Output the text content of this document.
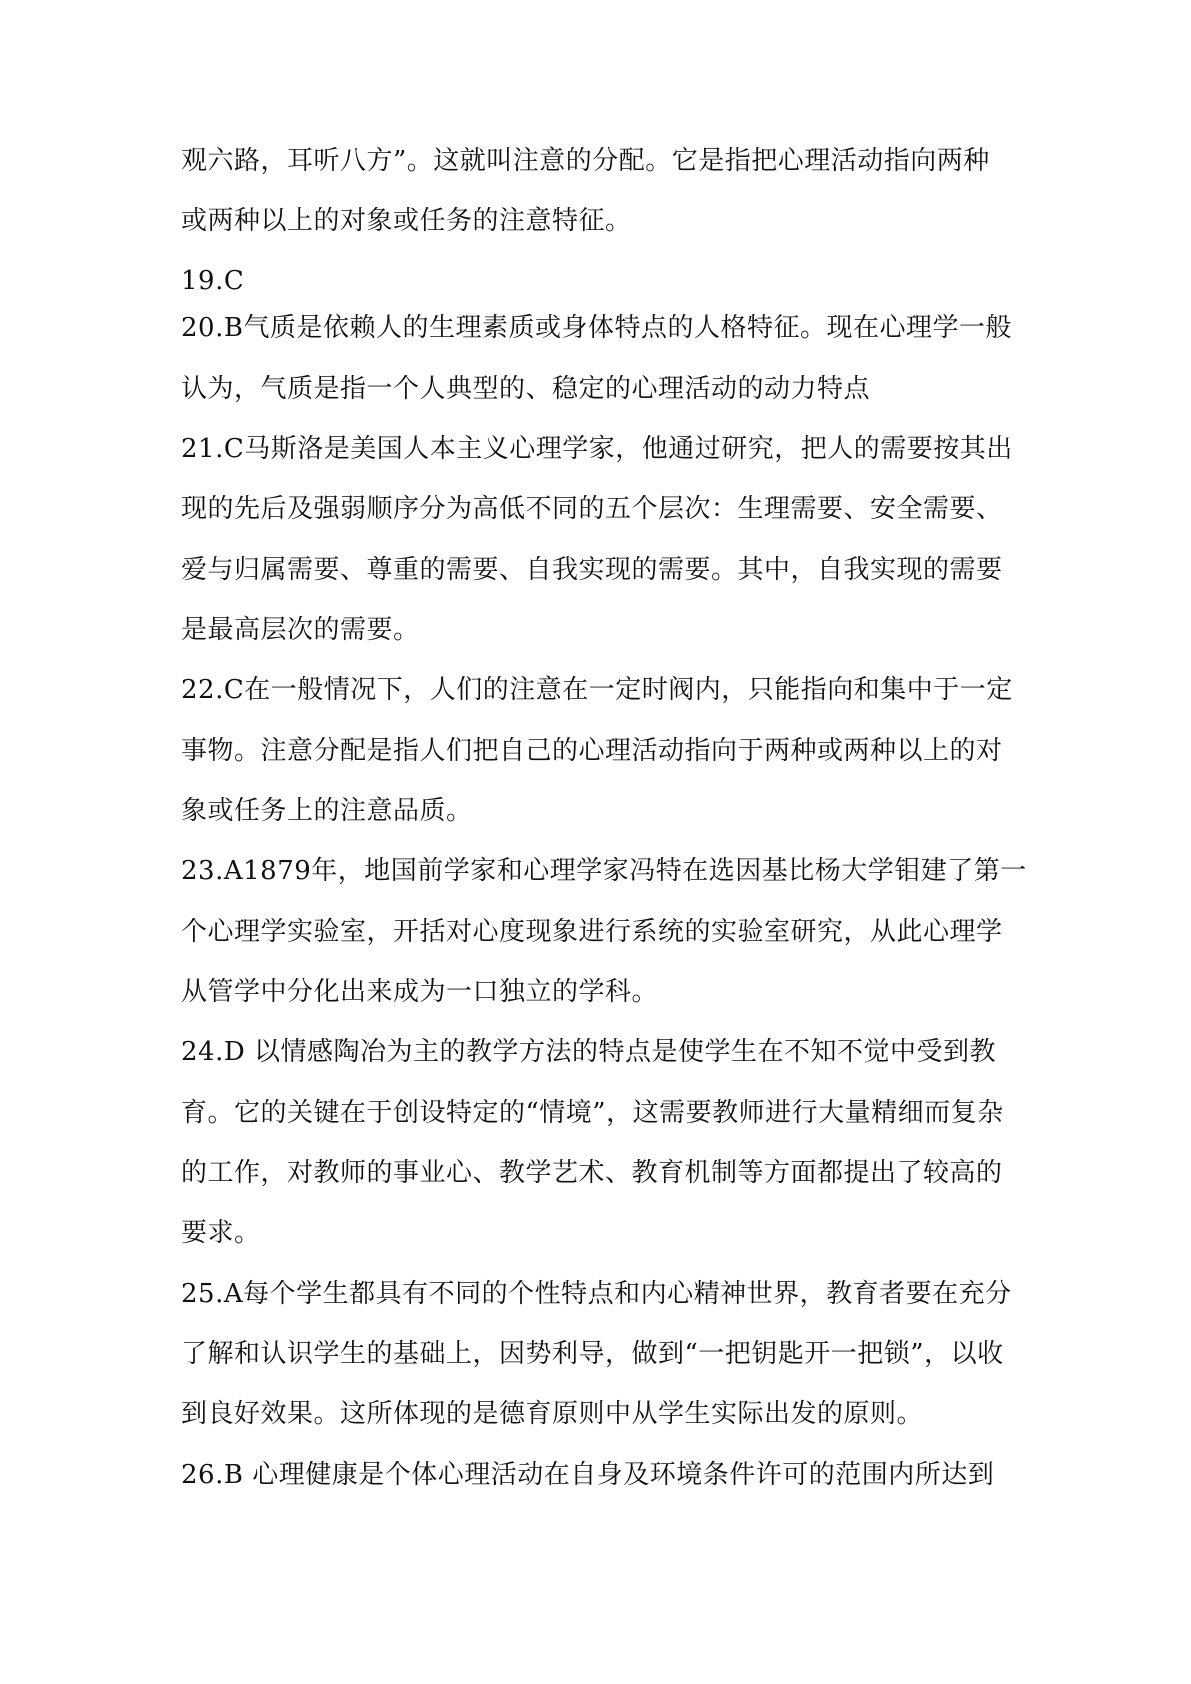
观六路，耳听八方”。这就叫注意的分配。它是指把心理活动指向两种
或两种以上的对象或任务的注意特征。
19.C
20.B气质是依赖人的生理素质或身体特点的人格特征。现在心理学一般
认为，气质是指一个人典型的、稳定的心理活动的动力特点
21.C马斯洛是美国人本主义心理学家，他通过研究，把人的需要按其出
现的先后及强弱顺序分为高低不同的五个层次：生理需要、安全需要、
爱与归属需要、尊重的需要、自我实现的需要。其中，自我实现的需要
是最高层次的需要。
22.C在一般情况下，人们的注意在一定时阀内，只能指向和集中于一定
事物。注意分配是指人们把自己的心理活动指向于两种或两种以上的对
象或任务上的注意品质。
23.A1879年，地国前学家和心理学家冯特在选因基比杨大学钼建了第一
个心理学实验室，开括对心度现象进行系统的实验室研究，从此心理学
从管学中分化出来成为一口独立的学科。
24.D 以情感陶冶为主的教学方法的特点是使学生在不知不觉中受到教
育。它的关键在于创设特定的“情境”，这需要教师进行大量精细而复杂
的工作，对教师的事业心、教学艺术、教育机制等方面都提出了较高的
要求。
25.A每个学生都具有不同的个性特点和内心精神世界，教育者要在充分
了解和认识学生的基础上，因势利导，做到“一把钥匙开一把锁”，以收
到良好效果。这所体现的是德育原则中从学生实际出发的原则。
26.B 心理健康是个体心理活动在自身及环境条件许可的范围内所达到
